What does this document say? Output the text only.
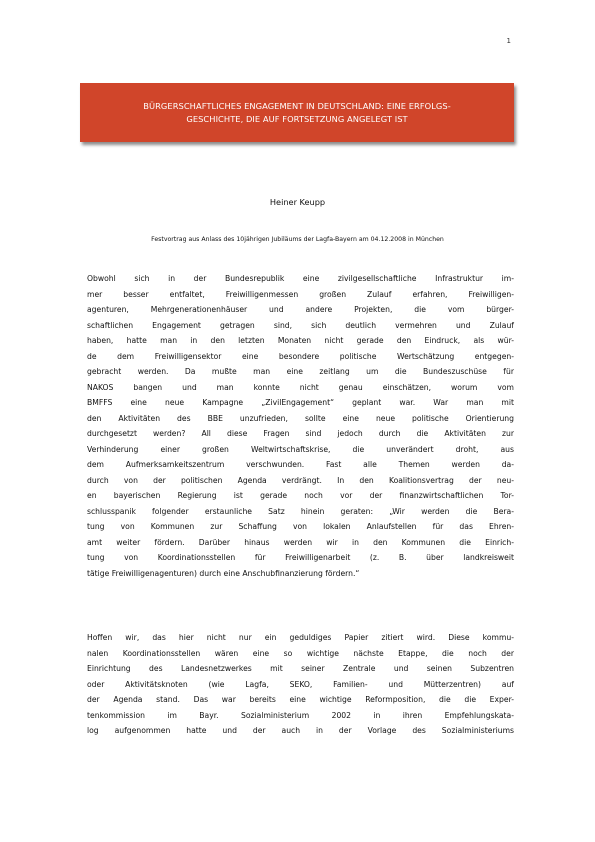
1
BÜRGERSCHAFTLICHES ENGAGEMENT IN DEUTSCHLAND: EINE ERFOLGS-
GESCHICHTE, DIE AUF FORTSETZUNG ANGELEGT IST
Heiner Keupp
Festvortrag aus Anlass des 10jährigen Jubiläums der Lagfa-Bayern am 04.12.2008 in München
Obwohl sich in der Bundesrepublik eine zivilgesellschaftliche Infrastruktur im-
mer besser entfaltet, Freiwilligenmessen großen Zulauf erfahren, Freiwilligen-
agenturen, Mehrgenerationenhäuser und andere Projekten, die vom bürger-
schaftlichen Engagement getragen sind, sich deutlich vermehren und Zulauf
haben, hatte man in den letzten Monaten nicht gerade den Eindruck, als wür-
de dem Freiwilligensektor eine besondere politische Wertschätzung entgegen-
gebracht werden. Da mußte man eine zeitlang um die Bundeszuschüse für
NAKOS bangen und man konnte nicht genau einschätzen, worum vom
BMFFS eine neue Kampagne „ZivilEngagement“ geplant war. War man mit
den Aktivitäten des BBE unzufrieden, sollte eine neue politische Orientierung
durchgesetzt werden? All diese Fragen sind jedoch durch die Aktivitäten zur
Verhinderung einer großen Weltwirtschaftskrise, die unverändert droht, aus
dem Aufmerksamkeitszentrum verschwunden. Fast alle Themen werden da-
durch von der politischen Agenda verdrängt. In den Koalitionsvertrag der neu-
en bayerischen Regierung ist gerade noch vor der finanzwirtschaftlichen Tor-
schlusspanik folgender erstaunliche Satz hinein geraten: „Wir werden die Bera-
tung von Kommunen zur Schaffung von lokalen Anlaufstellen für das Ehren-
amt weiter fördern. Darüber hinaus werden wir in den Kommunen die Einrich-
tung von Koordinationsstellen für Freiwilligenarbeit (z. B. über landkreisweit
tätige Freiwilligenagenturen) durch eine Anschubfinanzierung fördern.“
Hoffen wir, das hier nicht nur ein geduldiges Papier zitiert wird. Diese kommu-
nalen Koordinationsstellen wären eine so wichtige nächste Etappe, die noch der
Einrichtung des Landesnetzwerkes mit seiner Zentrale und seinen Subzentren
oder Aktivitätsknoten (wie Lagfa, SEKO, Familien- und Mütterzentren) auf
der Agenda stand. Das war bereits eine wichtige Reformposition, die die Exper-
tenkommission im Bayr. Sozialministerium 2002 in ihren Empfehlungskata-
log aufgenommen hatte und der auch in der Vorlage des Sozialministeriums
